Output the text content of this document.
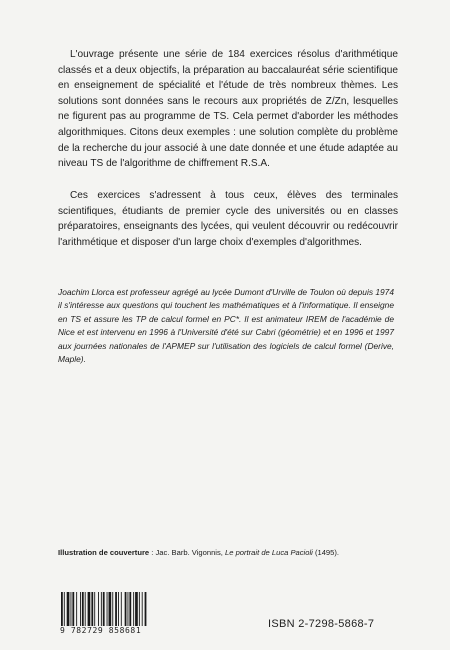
L'ouvrage présente une série de 184 exercices résolus d'arithmétique classés et a deux objectifs, la préparation au baccalauréat série scientifique en enseignement de spécialité et l'étude de très nombreux thèmes. Les solutions sont données sans le recours aux propriétés de Z/Zn, lesquelles ne figurent pas au programme de TS. Cela permet d'aborder les méthodes algorithmiques. Citons deux exemples : une solution complète du problème de la recherche du jour associé à une date donnée et une étude adaptée au niveau TS de l'algorithme de chiffrement R.S.A.

Ces exercices s'adressent à tous ceux, élèves des terminales scientifiques, étudiants de premier cycle des universités ou en classes préparatoires, enseignants des lycées, qui veulent découvrir ou redécouvrir l'arithmétique et disposer d'un large choix d'exemples d'algorithmes.

Joachim Llorca est professeur agrégé au lycée Dumont d'Urville de Toulon où depuis 1974 il s'intéresse aux questions qui touchent les mathématiques et à l'informatique. Il enseigne en TS et assure les TP de calcul formel en PC*. Il est animateur IREM de l'académie de Nice et est intervenu en 1996 à l'Université d'été sur Cabri (géométrie) et en 1996 et 1997 aux journées nationales de l'APMEP sur l'utilisation des logiciels de calcul formel (Derive, Maple).
Illustration de couverture : Jac. Barb. Vigonnis, Le portrait de Luca Pacioli (1495).
9 782729 858681
ISBN 2-7298-5868-7
